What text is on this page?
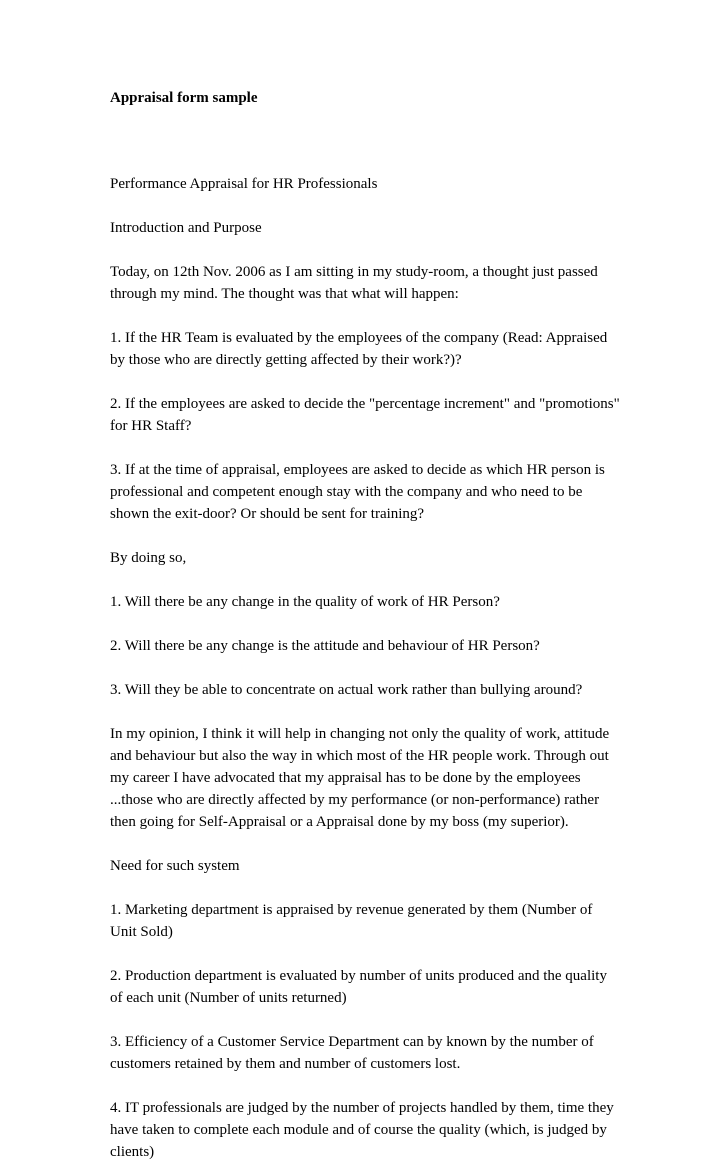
Appraisal form sample

Performance Appraisal for HR Professionals

Introduction and Purpose

Today, on 12th Nov. 2006 as I am sitting in my study-room, a thought just passed through my mind. The thought was that what will happen:

1. If the HR Team is evaluated by the employees of the company (Read: Appraised by those who are directly getting affected by their work?)?

2. If the employees are asked to decide the "percentage increment" and "promotions" for HR Staff?

3. If at the time of appraisal, employees are asked to decide as which HR person is professional and competent enough stay with the company and who need to be shown the exit-door? Or should be sent for training?

By doing so,

1. Will there be any change in the quality of work of HR Person?

2. Will there be any change is the attitude and behaviour of HR Person?

3. Will they be able to concentrate on actual work rather than bullying around?

In my opinion, I think it will help in changing not only the quality of work, attitude and behaviour but also the way in which most of the HR people work. Through out my career I have advocated that my appraisal has to be done by the employees ...those who are directly affected by my performance (or non-performance) rather then going for Self-Appraisal or a Appraisal done by my boss (my superior).

Need for such system

1. Marketing department is appraised by revenue generated by them (Number of Unit Sold)

2. Production department is evaluated by number of units produced and the quality of each unit (Number of units returned)

3. Efficiency of a Customer Service Department can by known by the number of customers retained by them and number of customers lost.

4. IT professionals are judged by the number of projects handled by them, time they have taken to complete each module and of course the quality (which, is judged by clients)
